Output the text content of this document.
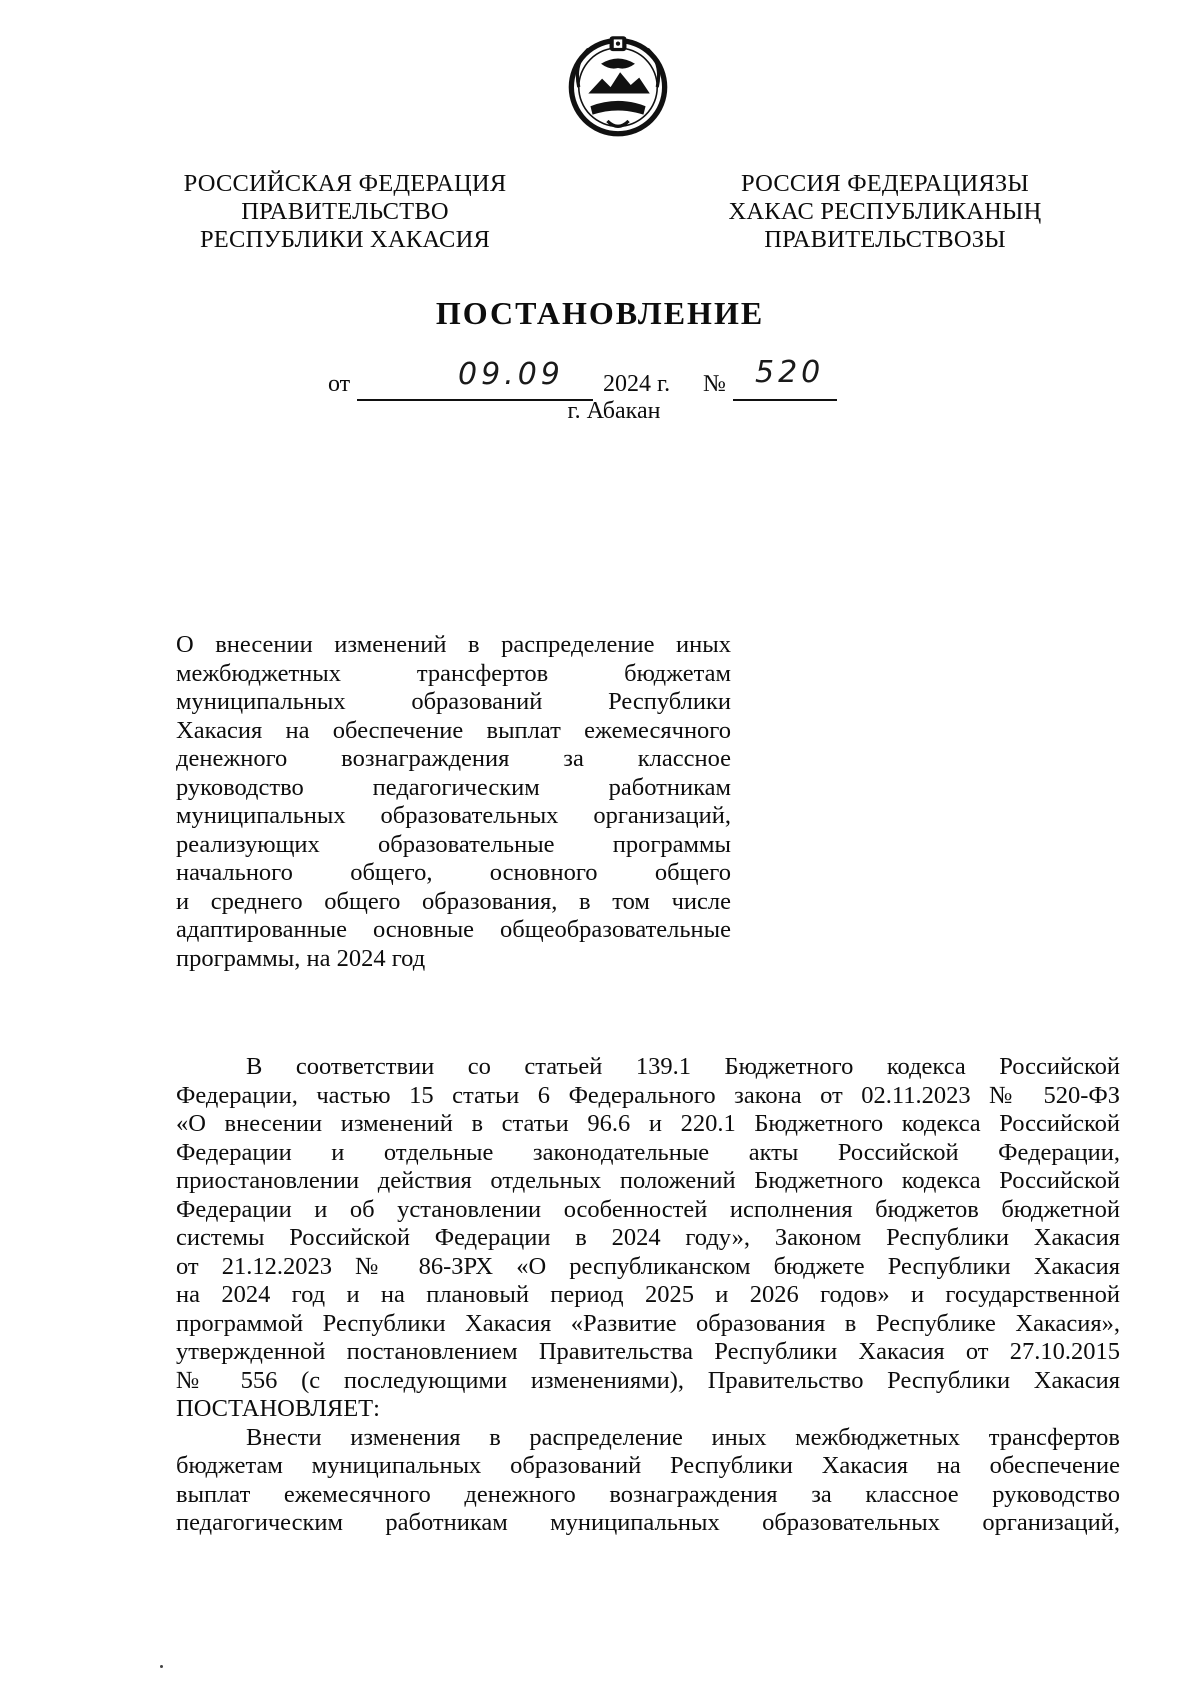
РОССИЙСКАЯ ФЕДЕРАЦИЯ
ПРАВИТЕЛЬСТВО
РЕСПУБЛИКИ ХАКАСИЯ
РОССИЯ ФЕДЕРАЦИЯЗЫ
ХАКАС РЕСПУБЛИКАНЫҢ
ПРАВИТЕЛЬСТВОЗЫ
ПОСТАНОВЛЕНИЕ
от	09.09 2024 г. № 520
г. Абакан
О внесении изменений в распределение иных
межбюджетных трансфертов бюджетам
муниципальных образований Республики
Хакасия на обеспечение выплат ежемесячного
денежного вознаграждения за классное
руководство педагогическим работникам
муниципальных образовательных организаций,
реализующих образовательные программы
начального общего, основного общего
и среднего общего образования, в том числе
адаптированные основные общеобразовательные
программы, на 2024 год
В соответствии со статьей 139.1 Бюджетного кодекса Российской
Федерации, частью 15 статьи 6 Федерального закона от 02.11.2023 № 520-ФЗ
«О внесении изменений в статьи 96.6 и 220.1 Бюджетного кодекса Российской
Федерации и отдельные законодательные акты Российской Федерации,
приостановлении действия отдельных положений Бюджетного кодекса Российской
Федерации и об установлении особенностей исполнения бюджетов бюджетной
системы Российской Федерации в 2024 году», Законом Республики Хакасия
от 21.12.2023 № 86-ЗРХ «О республиканском бюджете Республики Хакасия
на 2024 год и на плановый период 2025 и 2026 годов» и государственной
программой Республики Хакасия «Развитие образования в Республике Хакасия»,
утвержденной постановлением Правительства Республики Хакасия от 27.10.2015
№ 556 (с последующими изменениями), Правительство Республики Хакасия
ПОСТАНОВЛЯЕТ:
Внести изменения в распределение иных межбюджетных трансфертов
бюджетам муниципальных образований Республики Хакасия на обеспечение
выплат ежемесячного денежного вознаграждения за классное руководство
педагогическим работникам муниципальных образовательных организаций,
